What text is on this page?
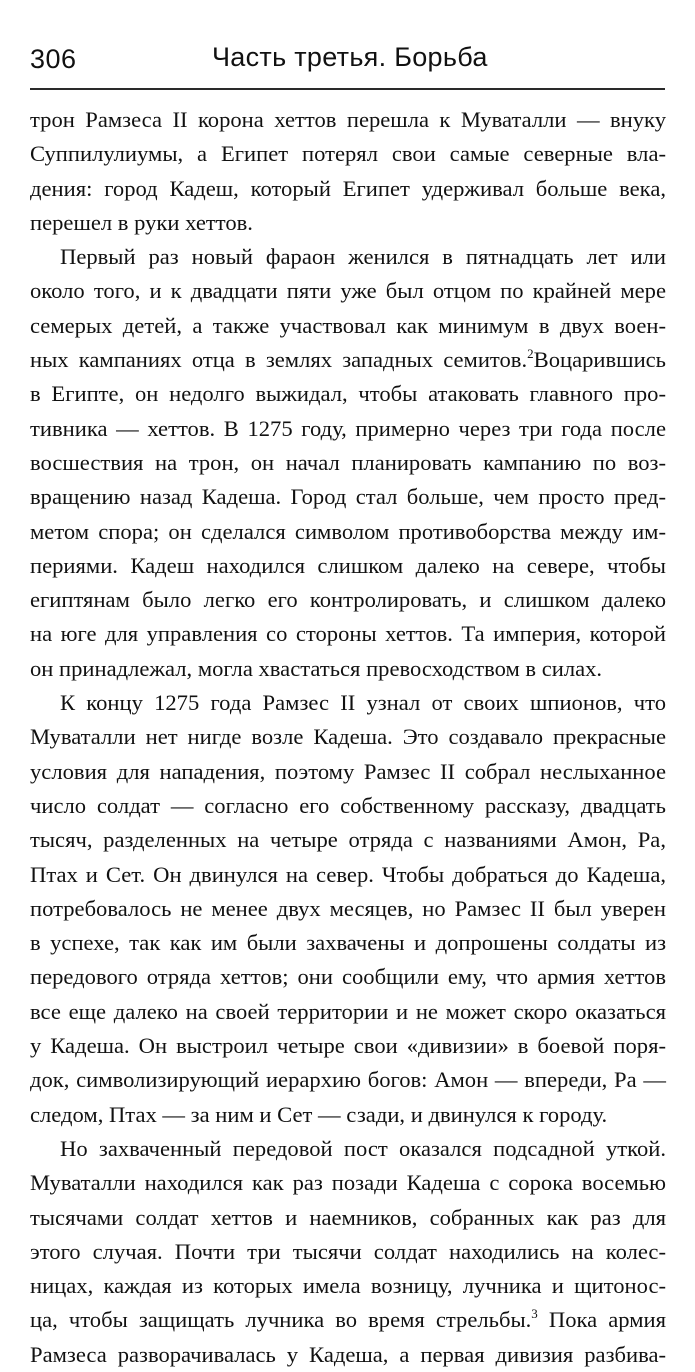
306	Часть третья. Борьба
трон Рамзеса II корона хеттов перешла к Муваталли — внуку
Суппилулиумы, а Египет потерял свои самые северные вла-
дения: город Кадеш, который Египет удерживал больше века,
перешел в руки хеттов.
Первый раз новый фараон женился в пятнадцать лет или
около того, и к двадцати пяти уже был отцом по крайней мере
семерых детей, а также участвовал как минимум в двух воен-
ных кампаниях отца в землях западных семитов.$^2$Воцарившись
в Египте, он недолго выжидал, чтобы атаковать главного про-
тивника — хеттов. В 1275 году, примерно через три года после
восшествия на трон, он начал планировать кампанию по воз-
вращению назад Кадеша. Город стал больше, чем просто пред-
метом спора; он сделался символом противоборства между им-
периями. Кадеш находился слишком далеко на севере, чтобы
египтянам было легко его контролировать, и слишком далеко
на юге для управления со стороны хеттов. Та империя, которой
он принадлежал, могла хвастаться превосходством в силах.
К концу 1275 года Рамзес II узнал от своих шпионов, что
Муваталли нет нигде возле Кадеша. Это создавало прекрасные
условия для нападения, поэтому Рамзес II собрал неслыханное
число солдат — согласно его собственному рассказу, двадцать
тысяч, разделенных на четыре отряда с названиями Амон, Ра,
Птах и Сет. Он двинулся на север. Чтобы добраться до Кадеша,
потребовалось не менее двух месяцев, но Рамзес II был уверен
в успехе, так как им были захвачены и допрошены солдаты из
передового отряда хеттов; они сообщили ему, что армия хеттов
все еще далеко на своей территории и не может скоро оказаться
у Кадеша. Он выстроил четыре свои «дивизии» в боевой поря-
док, символизирующий иерархию богов: Амон — впереди, Ра —
следом, Птах — за ним и Сет — сзади, и двинулся к городу.
Но захваченный передовой пост оказался подсадной уткой.
Муваталли находился как раз позади Кадеша с сорока восемью
тысячами солдат хеттов и наемников, собранных как раз для
этого случая. Почти три тысячи солдат находились на колес-
ницах, каждая из которых имела возницу, лучника и щитонос-
ца, чтобы защищать лучника во время стрельбы.$^3$ Пока армия
Рамзеса разворачивалась у Кадеша, а первая дивизия разбива-
